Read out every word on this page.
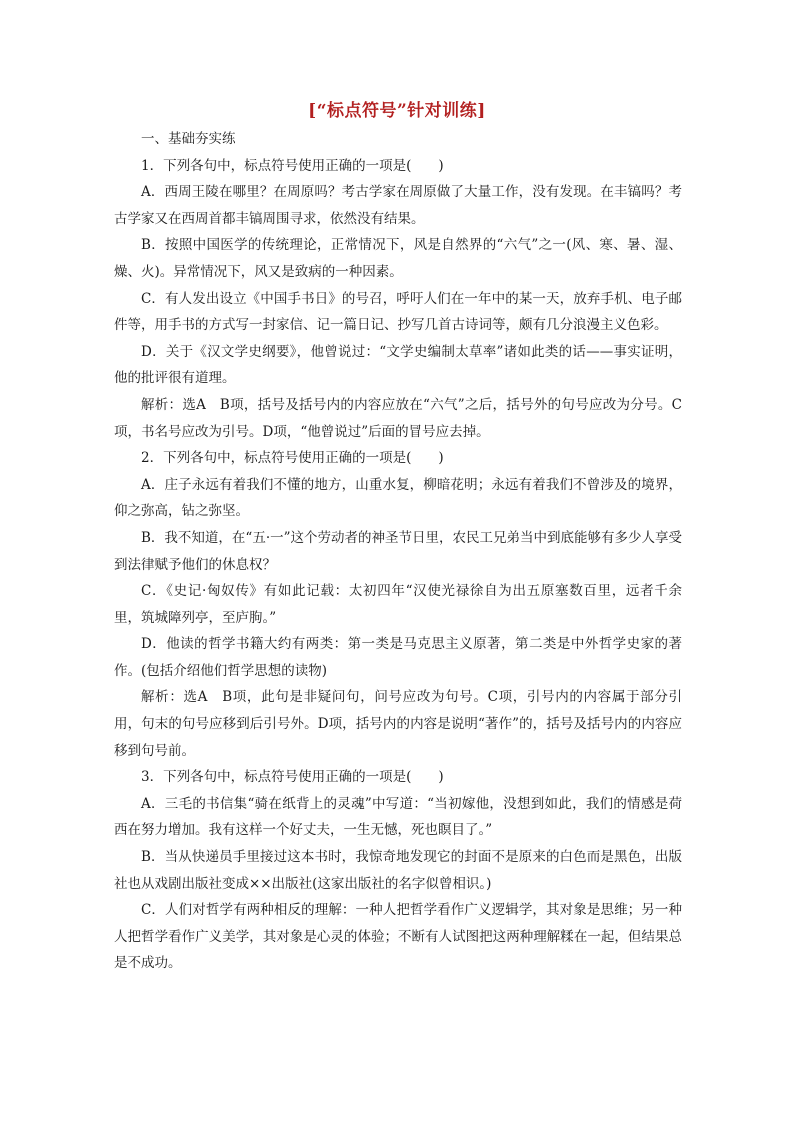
[“标点符号”针对训练]

一、基础夯实练

1．下列各句中，标点符号使用正确的一项是(　　)

A．西周王陵在哪里？在周原吗？考古学家在周原做了大量工作，没有发现。在丰镐吗？考古学家又在西周首都丰镐周围寻求，依然没有结果。

B．按照中国医学的传统理论，正常情况下，风是自然界的“六气”之一(风、寒、暑、湿、燥、火)。异常情况下，风又是致病的一种因素。

C．有人发出设立《中国手书日》的号召，呼吁人们在一年中的某一天，放弃手机、电子邮件等，用手书的方式写一封家信、记一篇日记、抄写几首古诗词等，颇有几分浪漫主义色彩。

D．关于《汉文学史纲要》，他曾说过：“文学史编制太草率”诸如此类的话——事实证明，他的批评很有道理。

解析：选A　B项，括号及括号内的内容应放在“六气”之后，括号外的句号应改为分号。C项，书名号应改为引号。D项，“他曾说过”后面的冒号应去掉。

2．下列各句中，标点符号使用正确的一项是(　　)

A．庄子永远有着我们不懂的地方，山重水复，柳暗花明；永远有着我们不曾涉及的境界，仰之弥高，钻之弥坚。

B．我不知道，在“五·一”这个劳动者的神圣节日里，农民工兄弟当中到底能够有多少人享受到法律赋予他们的休息权？

C．《史记·匈奴传》有如此记载：太初四年“汉使光禄徐自为出五原塞数百里，远者千余里，筑城障列亭，至庐朐。”

D．他读的哲学书籍大约有两类：第一类是马克思主义原著，第二类是中外哲学史家的著作。(包括介绍他们哲学思想的读物)

解析：选A　B项，此句是非疑问句，问号应改为句号。C项，引号内的内容属于部分引用，句末的句号应移到后引号外。D项，括号内的内容是说明“著作”的，括号及括号内的内容应移到句号前。

3．下列各句中，标点符号使用正确的一项是(　　)

A．三毛的书信集“骑在纸背上的灵魂”中写道：“当初嫁他，没想到如此，我们的情感是荷西在努力增加。我有这样一个好丈夫，一生无憾，死也瞑目了。”

B．当从快递员手里接过这本书时，我惊奇地发现它的封面不是原来的白色而是黑色，出版社也从戏剧出版社变成××出版社(这家出版社的名字似曾相识。)

C．人们对哲学有两种相反的理解：一种人把哲学看作广义逻辑学，其对象是思维；另一种人把哲学看作广义美学，其对象是心灵的体验；不断有人试图把这两种理解糅在一起，但结果总是不成功。
